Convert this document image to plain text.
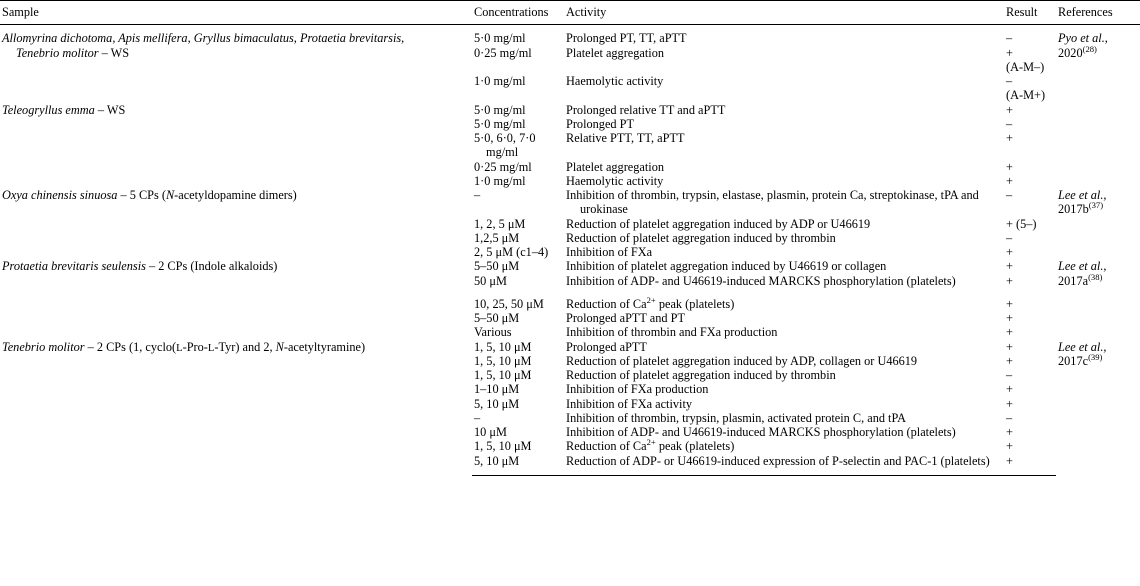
Sample	Concentrations	Activity	Result	References
Allomyrina dichotoma, Apis mellifera, Gryllus bimaculatus, Protaetia brevitarsis,
Tenebrio molitor – WS	5·0 mg/ml	Prolonged PT, TT, aPTT	–	Pyo et al.,
2020$^{(28)}$
	0·25 mg/ml	Platelet aggregation	+	
			(A-M–)	
	1·0 mg/ml	Haemolytic activity	–	
			(A-M+)	
Teleogryllus emma – WS	5·0 mg/ml	Prolonged relative TT and aPTT	+	
	5·0 mg/ml	Prolonged PT	–	

	5·0, 6·0, 7·0 mg/ml	Relative PTT, TT, aPTT	+	
	0·25 mg/ml	Platelet aggregation	+	
	1·0 mg/ml	Haemolytic activity	+	
Oxya chinensis sinuosa – 5 CPs (N-acetyldopamine dimers)	–	Inhibition of thrombin, trypsin, elastase, plasmin, protein Ca, streptokinase, tPA and urokinase	–	Lee et al.,
$2017b^{(37)}$
	1, 2, 5 μM	Reduction of platelet aggregation induced by ADP or U46619	+ (5–)	
	1,2,5 μM	Reduction of platelet aggregation induced by thrombin	–	
	2, 5 μM (c1–4)	Inhibition of FXa	+	
Protaetia brevitaris seulensis – 2 CPs (Indole alkaloids)	5–50 μM	Inhibition of platelet aggregation induced by U46619 or collagen	+	Lee et al.,
$2017a^{(38)}$
	50 μM	Inhibition of ADP- and U46619-induced MARCKS phosphorylation (platelets)	+	

	10, 25, 50 μM	Reduction of $Ca^{2+}$ peak (platelets)	+	
	5–50 μM	Prolonged aPTT and PT	+	
	Various	Inhibition of thrombin and FXa production	+	
Tenebrio molitor – 2 CPs (1, cyclo(L-Pro-L-Tyr) and 2, N-acetyltyramine)	1, 5, 10 μM	Prolonged aPTT	+	Lee et al.,
$2017c^{(39)}$
	1, 5, 10 μM	Reduction of platelet aggregation induced by ADP, collagen or U46619	+	
	1, 5, 10 μM	Reduction of platelet aggregation induced by thrombin	–	
	1–10 μM	Inhibition of FXa production	+	
	5, 10 μM	Inhibition of FXa activity	+	
	–	Inhibition of thrombin, trypsin, plasmin, activated protein C, and tPA	–	
	10 μM	Inhibition of ADP- and U46619-induced MARCKS phosphorylation (platelets)	+	
	1, 5, 10 μM	Reduction of $Ca^{2+}$ peak (platelets)	+	
	5, 10 μM	Reduction of ADP- or U46619-induced expression of P-selectin and PAC-1 (platelets)	+	
